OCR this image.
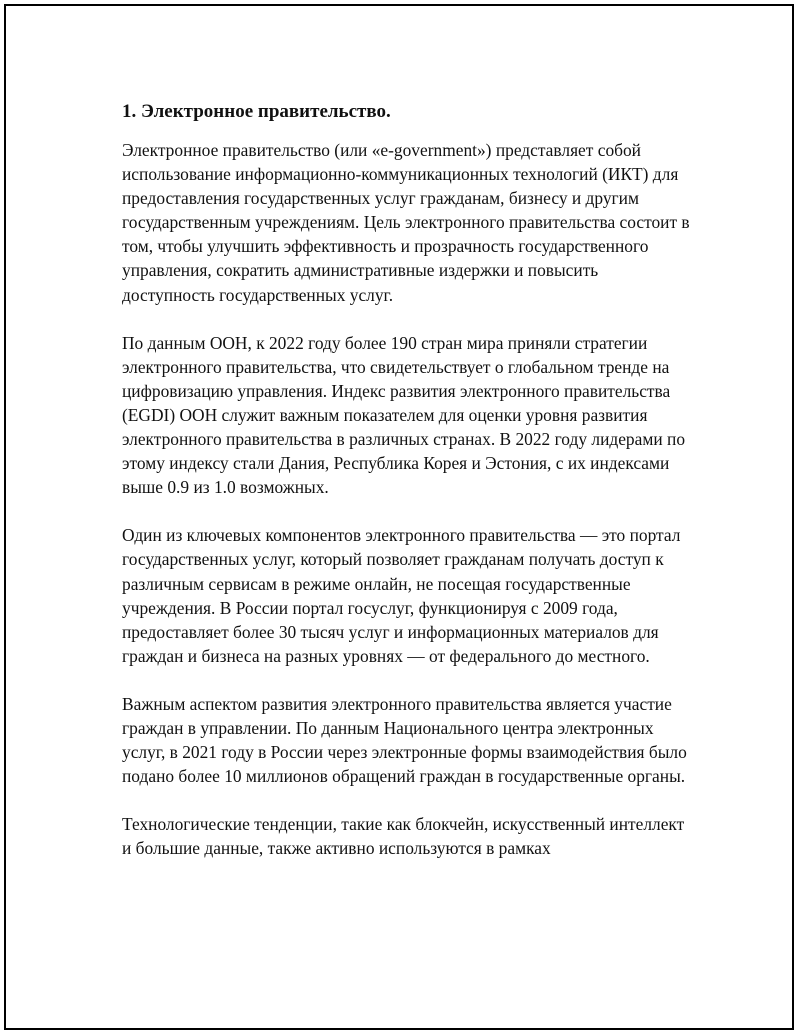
1. Электронное правительство.

Электронное правительство (или «e-government») представляет собой использование информационно-коммуникационных технологий (ИКТ) для предоставления государственных услуг гражданам, бизнесу и другим государственным учреждениям. Цель электронного правительства состоит в том, чтобы улучшить эффективность и прозрачность государственного управления, сократить административные издержки и повысить доступность государственных услуг.

По данным ООН, к 2022 году более 190 стран мира приняли стратегии электронного правительства, что свидетельствует о глобальном тренде на цифровизацию управления. Индекс развития электронного правительства (EGDI) ООН служит важным показателем для оценки уровня развития электронного правительства в различных странах. В 2022 году лидерами по этому индексу стали Дания, Республика Корея и Эстония, с их индексами выше 0.9 из 1.0 возможных.

Один из ключевых компонентов электронного правительства — это портал государственных услуг, который позволяет гражданам получать доступ к различным сервисам в режиме онлайн, не посещая государственные учреждения. В России портал госуслуг, функционируя с 2009 года, предоставляет более 30 тысяч услуг и информационных материалов для граждан и бизнеса на разных уровнях — от федерального до местного.

Важным аспектом развития электронного правительства является участие граждан в управлении. По данным Национального центра электронных услуг, в 2021 году в России через электронные формы взаимодействия было подано более 10 миллионов обращений граждан в государственные органы.

Технологические тенденции, такие как блокчейн, искусственный интеллект и большие данные, также активно используются в рамках
